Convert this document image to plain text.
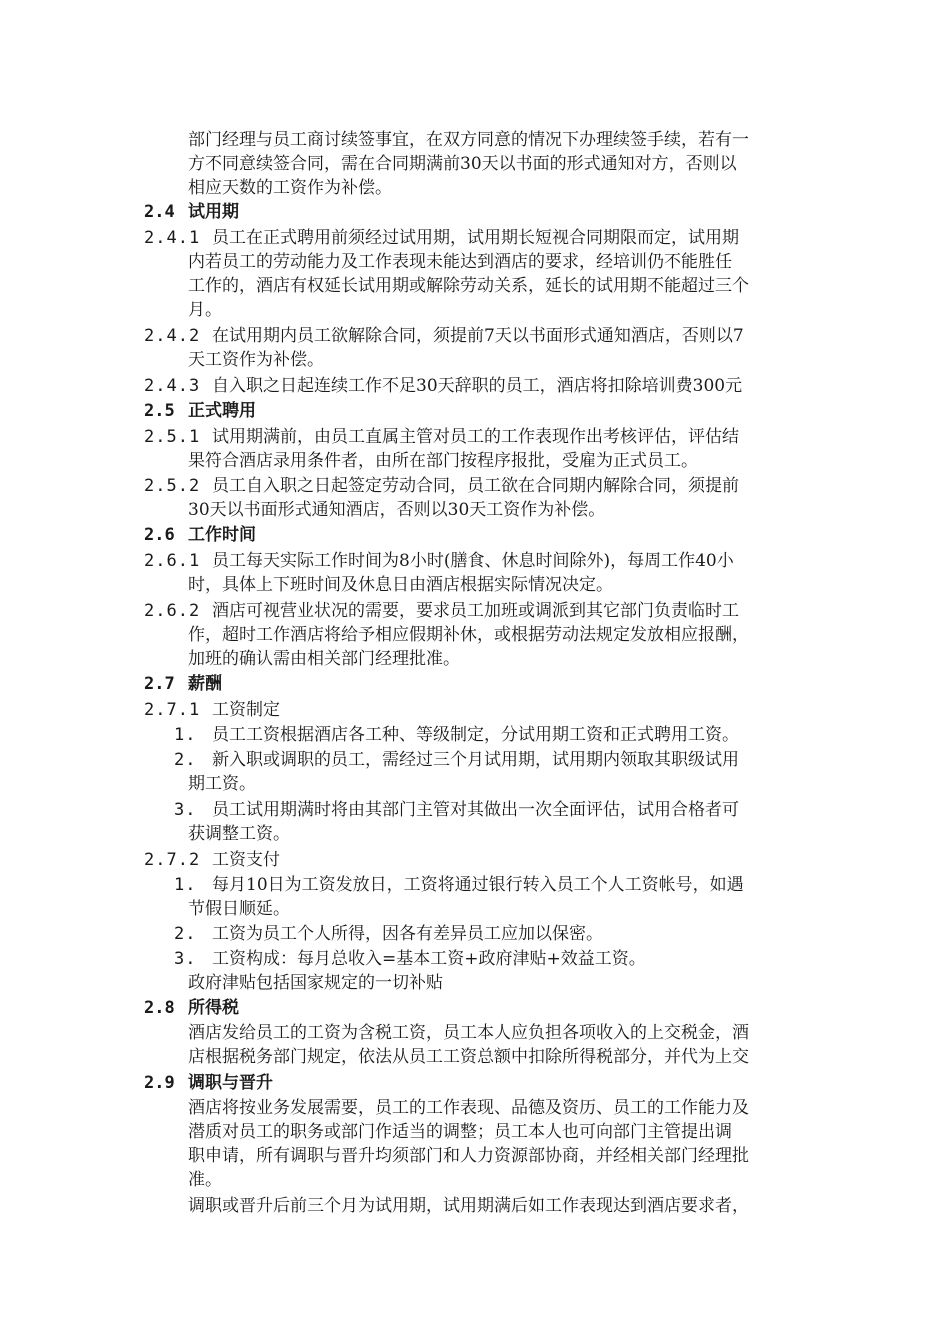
部门经理与员工商讨续签事宜，在双方同意的情况下办理续签手续，若有一
方不同意续签合同，需在合同期满前30天以书面的形式通知对方，否则以
相应天数的工资作为补偿。
2.4 试用期
2.4.1 员工在正式聘用前须经过试用期，试用期长短视合同期限而定，试用期
内若员工的劳动能力及工作表现未能达到酒店的要求，经培训仍不能胜任
工作的，酒店有权延长试用期或解除劳动关系，延长的试用期不能超过三个
月。
2.4.2 在试用期内员工欲解除合同，须提前7天以书面形式通知酒店，否则以7
天工资作为补偿。
2.4.3 自入职之日起连续工作不足30天辞职的员工，酒店将扣除培训费300元
2.5 正式聘用
2.5.1 试用期满前，由员工直属主管对员工的工作表现作出考核评估，评估结
果符合酒店录用条件者，由所在部门按程序报批，受雇为正式员工。
2.5.2 员工自入职之日起签定劳动合同，员工欲在合同期内解除合同，须提前
30天以书面形式通知酒店，否则以30天工资作为补偿。
2.6 工作时间
2.6.1 员工每天实际工作时间为8小时(膳食、休息时间除外)，每周工作40小
时，具体上下班时间及休息日由酒店根据实际情况决定。
2.6.2 酒店可视营业状况的需要，要求员工加班或调派到其它部门负责临时工
作，超时工作酒店将给予相应假期补休，或根据劳动法规定发放相应报酬，
加班的确认需由相关部门经理批准。
2.7 薪酬
2.7.1 工资制定
1. 员工工资根据酒店各工种、等级制定，分试用期工资和正式聘用工资。
2. 新入职或调职的员工，需经过三个月试用期，试用期内领取其职级试用
期工资。
3. 员工试用期满时将由其部门主管对其做出一次全面评估，试用合格者可
获调整工资。
2.7.2 工资支付
1. 每月10日为工资发放日，工资将通过银行转入员工个人工资帐号，如遇
节假日顺延。
2. 工资为员工个人所得，因各有差异员工应加以保密。
3. 工资构成：每月总收入=基本工资+政府津贴+效益工资。
政府津贴包括国家规定的一切补贴
2.8 所得税
酒店发给员工的工资为含税工资，员工本人应负担各项收入的上交税金，酒
店根据税务部门规定，依法从员工工资总额中扣除所得税部分，并代为上交
2.9 调职与晋升
酒店将按业务发展需要，员工的工作表现、品德及资历、员工的工作能力及
潜质对员工的职务或部门作适当的调整；员工本人也可向部门主管提出调
职申请，所有调职与晋升均须部门和人力资源部协商，并经相关部门经理批
准。
调职或晋升后前三个月为试用期，试用期满后如工作表现达到酒店要求者，
